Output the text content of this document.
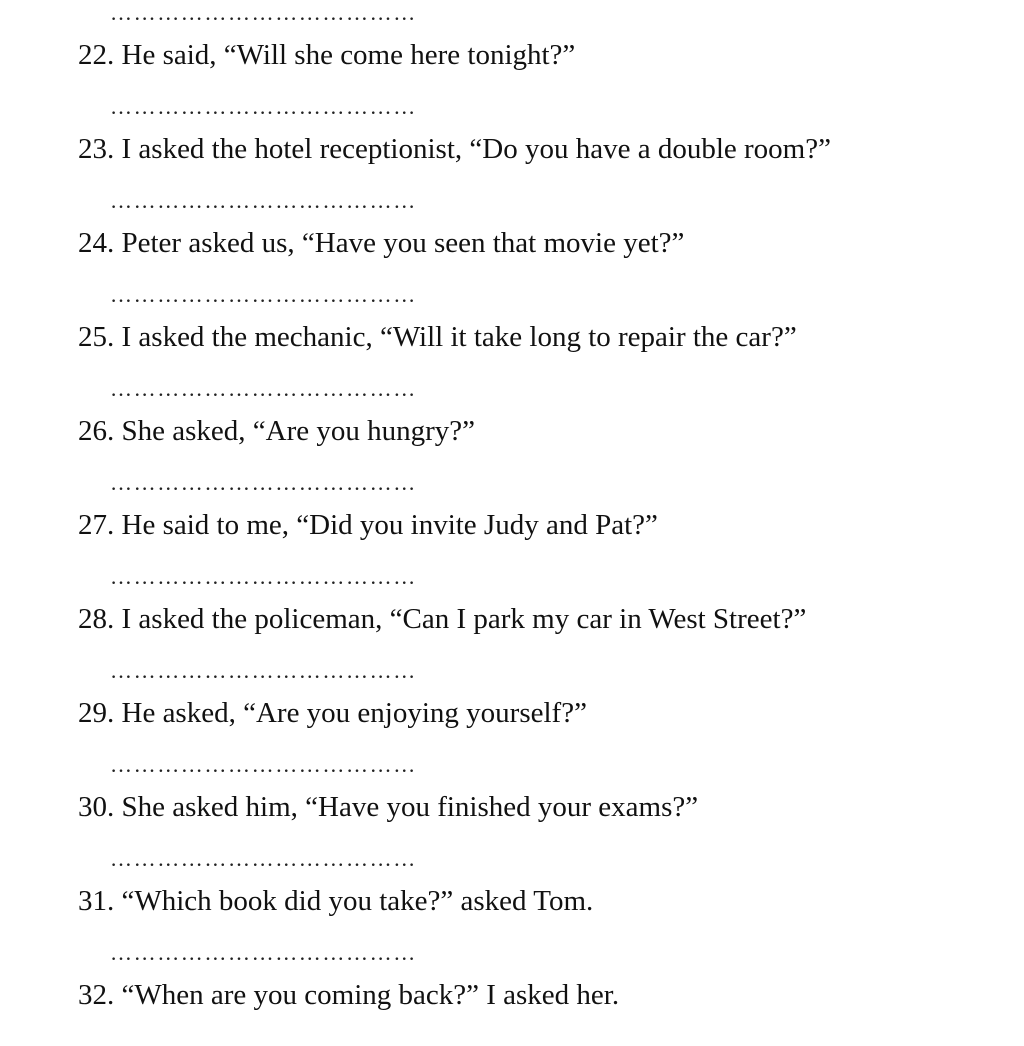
…………………………………
22. He said, “Will she come here tonight?”
…………………………………
23. I asked the hotel receptionist, “Do you have a double room?”
…………………………………
24. Peter asked us, “Have you seen that movie yet?”
…………………………………
25. I asked the mechanic, “Will it take long to repair the car?”
…………………………………
26. She asked, “Are you hungry?”
…………………………………
27. He said to me, “Did you invite Judy and Pat?”
…………………………………
28. I asked the policeman, “Can I park my car in West Street?”
…………………………………
29. He asked, “Are you enjoying yourself?”
…………………………………
30. She asked him, “Have you finished your exams?”
…………………………………
31. “Which book did you take?” asked Tom.
…………………………………
32. “When are you coming back?” I asked her.
